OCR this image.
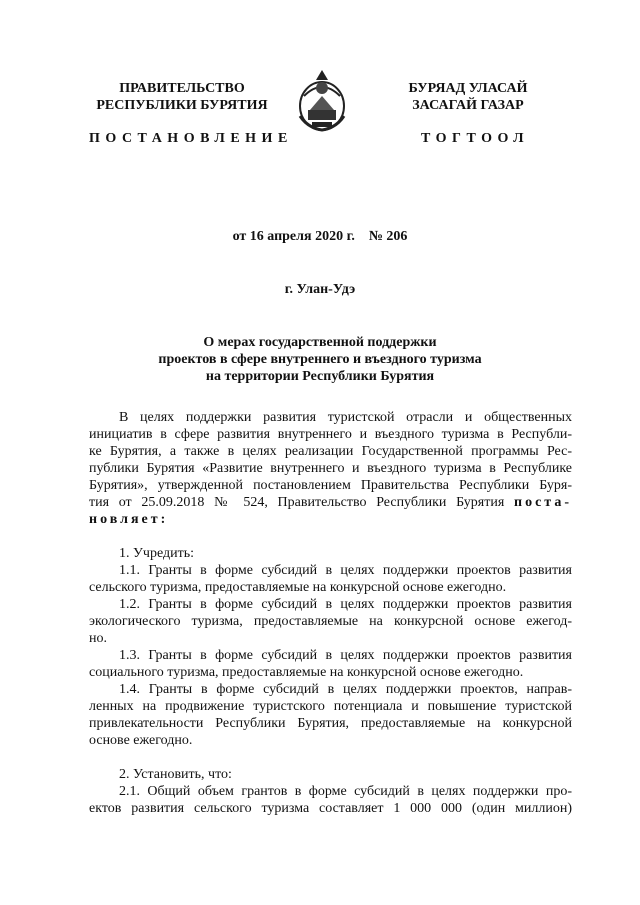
ПРАВИТЕЛЬСТВО
РЕСПУБЛИКИ БУРЯТИЯ
БУРЯАД УЛАСАЙ
ЗАСАГАЙ ГАЗАР
ПОСТАНОВЛЕНИЕ	ТОГТООЛ
от 16 апреля 2020 г. № 206
г. Улан-Удэ
О мерах государственной поддержки
проектов в сфере внутреннего и въездного туризма
на территории Республики Бурятия
В целях поддержки развития туристской отрасли и общественных
инициатив в сфере развития внутреннего и въездного туризма в Республи-
ке Бурятия, а также в целях реализации Государственной программы Рес-
публики Бурятия «Развитие внутреннего и въездного туризма в Республике
Бурятия», утвержденной постановлением Правительства Республики Буря-
тия от 25.09.2018 № 524, Правительство Республики Бурятия поста-
новляет:
1. Учредить:
1.1. Гранты в форме субсидий в целях поддержки проектов развития
сельского туризма, предоставляемые на конкурсной основе ежегодно.
1.2. Гранты в форме субсидий в целях поддержки проектов развития
экологического туризма, предоставляемые на конкурсной основе ежегод-
но.
1.3. Гранты в форме субсидий в целях поддержки проектов развития
социального туризма, предоставляемые на конкурсной основе ежегодно.
1.4. Гранты в форме субсидий в целях поддержки проектов, направ-
ленных на продвижение туристского потенциала и повышение туристской
привлекательности Республики Бурятия, предоставляемые на конкурсной
основе ежегодно.
2. Установить, что:
2.1. Общий объем грантов в форме субсидий в целях поддержки про-
ектов развития сельского туризма составляет 1 000 000 (один миллион)
